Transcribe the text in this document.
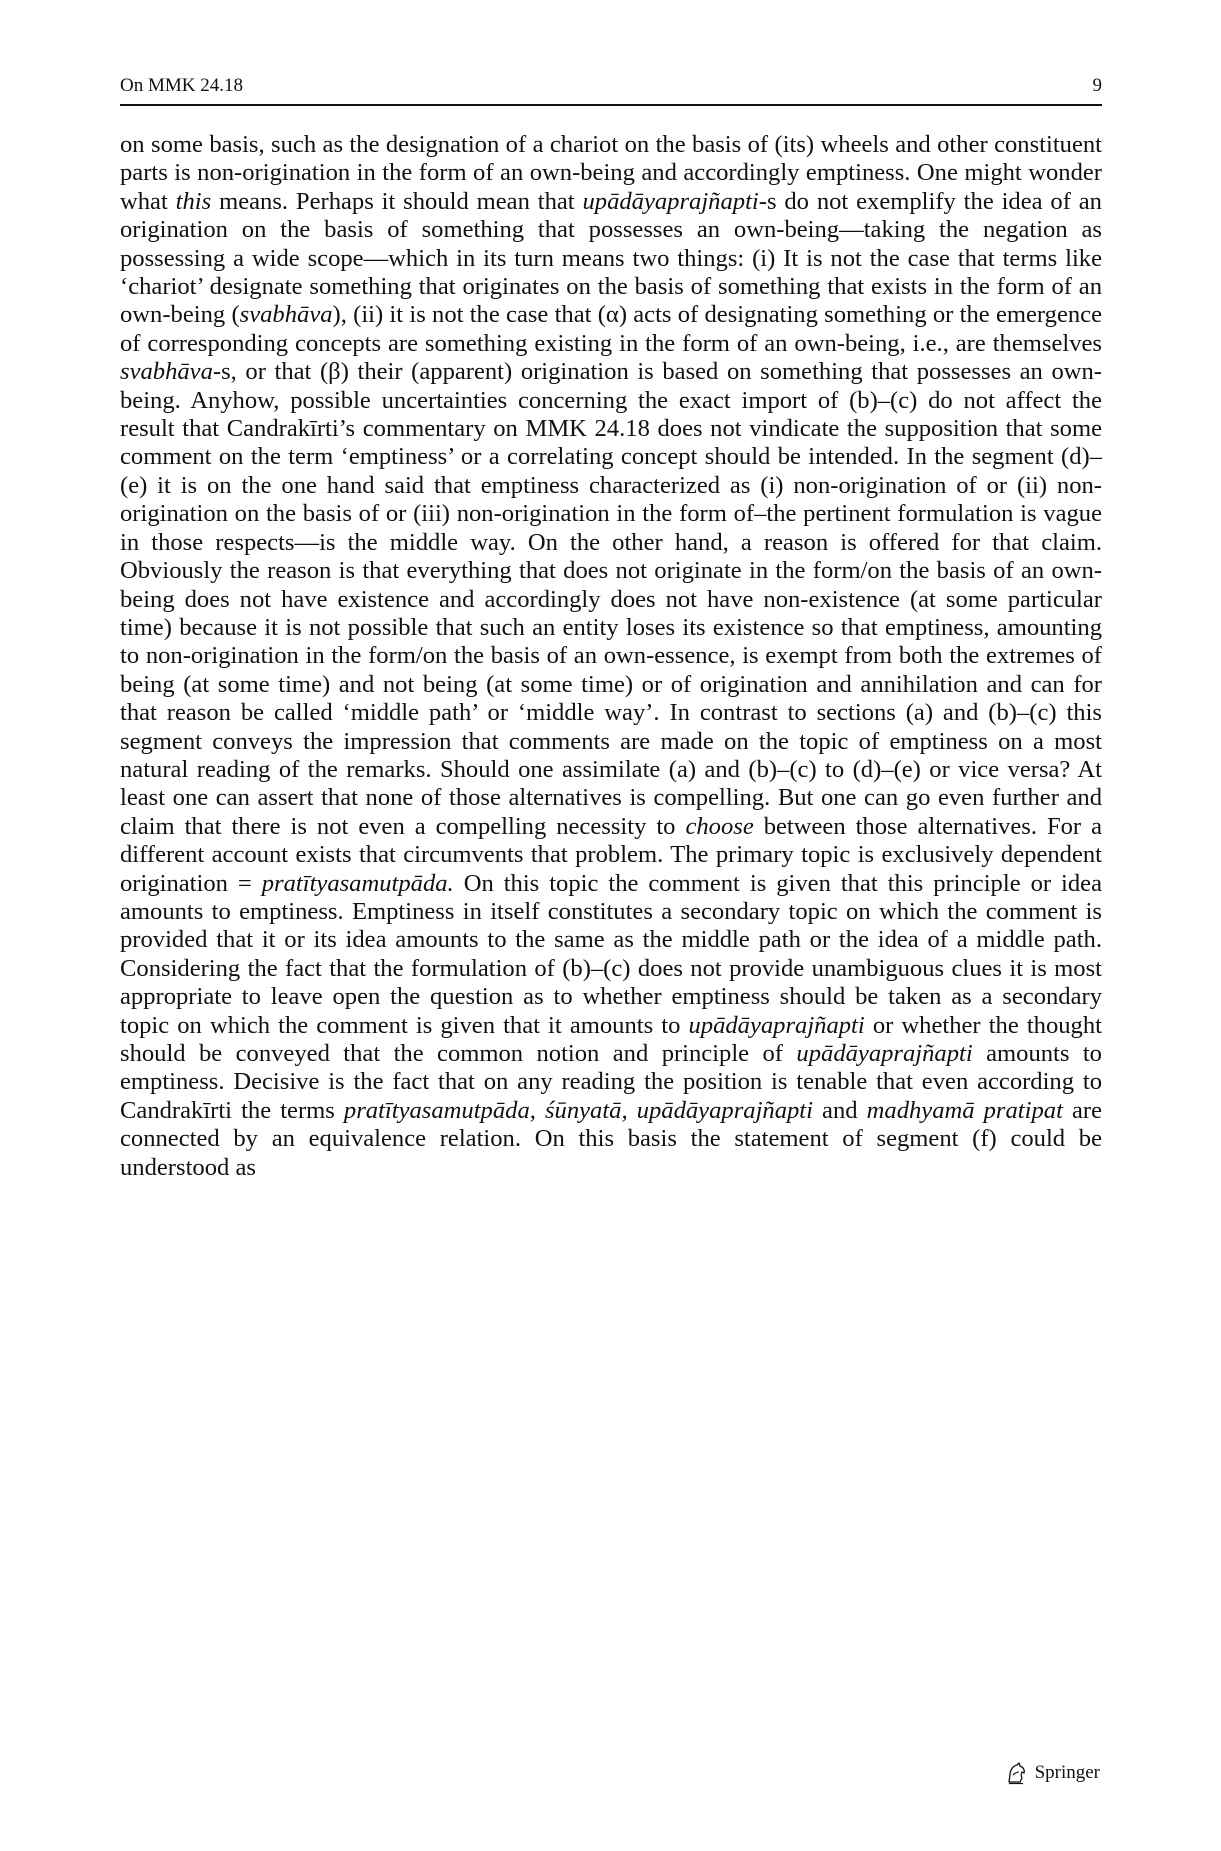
On MMK 24.18	9

on some basis, such as the designation of a chariot on the basis of (its) wheels and other constituent parts is non-origination in the form of an own-being and accordingly emptiness. One might wonder what this means. Perhaps it should mean that upādāyaprajñapti-s do not exemplify the idea of an origination on the basis of something that possesses an own-being—taking the negation as possessing a wide scope—which in its turn means two things: (i) It is not the case that terms like ‘chariot’ designate something that originates on the basis of something that exists in the form of an own-being (svabhāva), (ii) it is not the case that (α) acts of designating something or the emergence of corresponding concepts are something existing in the form of an own-being, i.e., are themselves svabhāva-s, or that (β) their (apparent) origination is based on something that possesses an own-being. Anyhow, possible uncertainties concerning the exact import of (b)–(c) do not affect the result that Candrakīrti’s commentary on MMK 24.18 does not vindicate the supposition that some comment on the term ‘emptiness’ or a correlating concept should be intended. In the segment (d)–(e) it is on the one hand said that emptiness characterized as (i) non-origination of or (ii) non-origination on the basis of or (iii) non-origination in the form of–the pertinent formulation is vague in those respects—is the middle way. On the other hand, a reason is offered for that claim. Obviously the reason is that everything that does not originate in the form/on the basis of an own-being does not have existence and accordingly does not have non-existence (at some particular time) because it is not possible that such an entity loses its existence so that emptiness, amounting to non-origination in the form/on the basis of an own-essence, is exempt from both the extremes of being (at some time) and not being (at some time) or of origination and annihilation and can for that reason be called ‘middle path’ or ‘middle way’. In contrast to sections (a) and (b)–(c) this segment conveys the impression that comments are made on the topic of emptiness on a most natural reading of the remarks. Should one assimilate (a) and (b)–(c) to (d)–(e) or vice versa? At least one can assert that none of those alternatives is compelling. But one can go even further and claim that there is not even a compelling necessity to choose between those alternatives. For a different account exists that circumvents that problem. The primary topic is exclusively dependent origination = pratītyasamutpāda. On this topic the comment is given that this principle or idea amounts to emptiness. Emptiness in itself constitutes a secondary topic on which the comment is provided that it or its idea amounts to the same as the middle path or the idea of a middle path. Considering the fact that the formulation of (b)–(c) does not provide unambiguous clues it is most appropriate to leave open the question as to whether emptiness should be taken as a secondary topic on which the comment is given that it amounts to upādāyaprajñapti or whether the thought should be conveyed that the common notion and principle of upādāyaprajñapti amounts to emptiness. Decisive is the fact that on any reading the position is tenable that even according to Candrakīrti the terms pratītyasamutpāda, śūnyatā, upādāyaprajñapti and madhyamā pratipat are connected by an equivalence relation. On this basis the statement of segment (f) could be understood as

Springer
